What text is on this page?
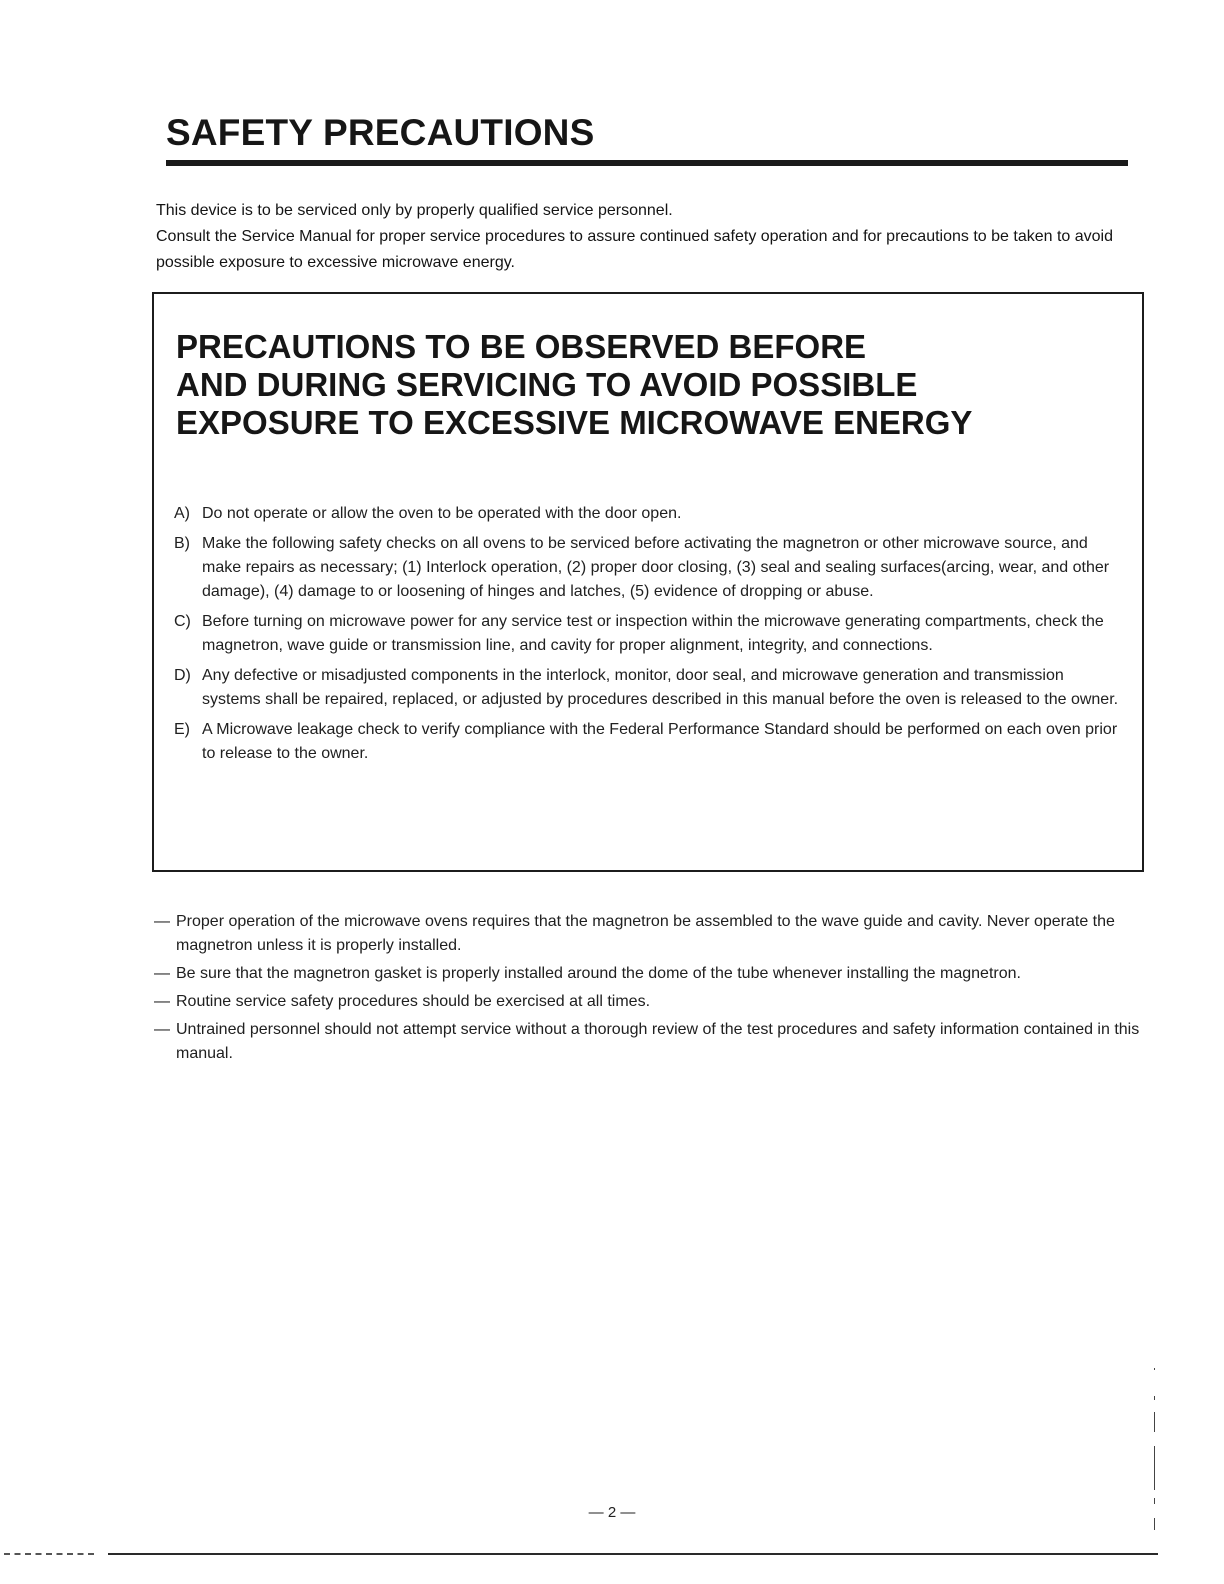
SAFETY PRECAUTIONS

This device is to be serviced only by properly qualified service personnel.

Consult the Service Manual for proper service procedures to assure continued safety operation and for precautions to be taken to avoid possible exposure to excessive microwave energy.

PRECAUTIONS TO BE OBSERVED BEFORE
AND DURING SERVICING TO AVOID POSSIBLE
EXPOSURE TO EXCESSIVE MICROWAVE ENERGY
A) Do not operate or allow the oven to be operated with the door open.
B) Make the following safety checks on all ovens to be serviced before activating the magnetron or other microwave source, and make repairs as necessary; (1) Interlock operation, (2) proper door closing, (3) seal and sealing surfaces(arcing, wear, and other damage), (4) damage to or loosening of hinges and latches, (5) evidence of dropping or abuse.
C) Before turning on microwave power for any service test or inspection within the microwave generating compartments, check the magnetron, wave guide or transmission line, and cavity for proper alignment, integrity, and connections.
D) Any defective or misadjusted components in the interlock, monitor, door seal, and microwave generation and transmission systems shall be repaired, replaced, or adjusted by procedures described in this manual before the oven is released to the owner.
E) A Microwave leakage check to verify compliance with the Federal Performance Standard should be performed on each oven prior to release to the owner.
— Proper operation of the microwave ovens requires that the magnetron be assembled to the wave guide and cavity. Never operate the magnetron unless it is properly installed.
— Be sure that the magnetron gasket is properly installed around the dome of the tube whenever installing the magnetron.
— Routine service safety procedures should be exercised at all times.
— Untrained personnel should not attempt service without a thorough review of the test procedures and safety information contained in this manual.
— 2 —
